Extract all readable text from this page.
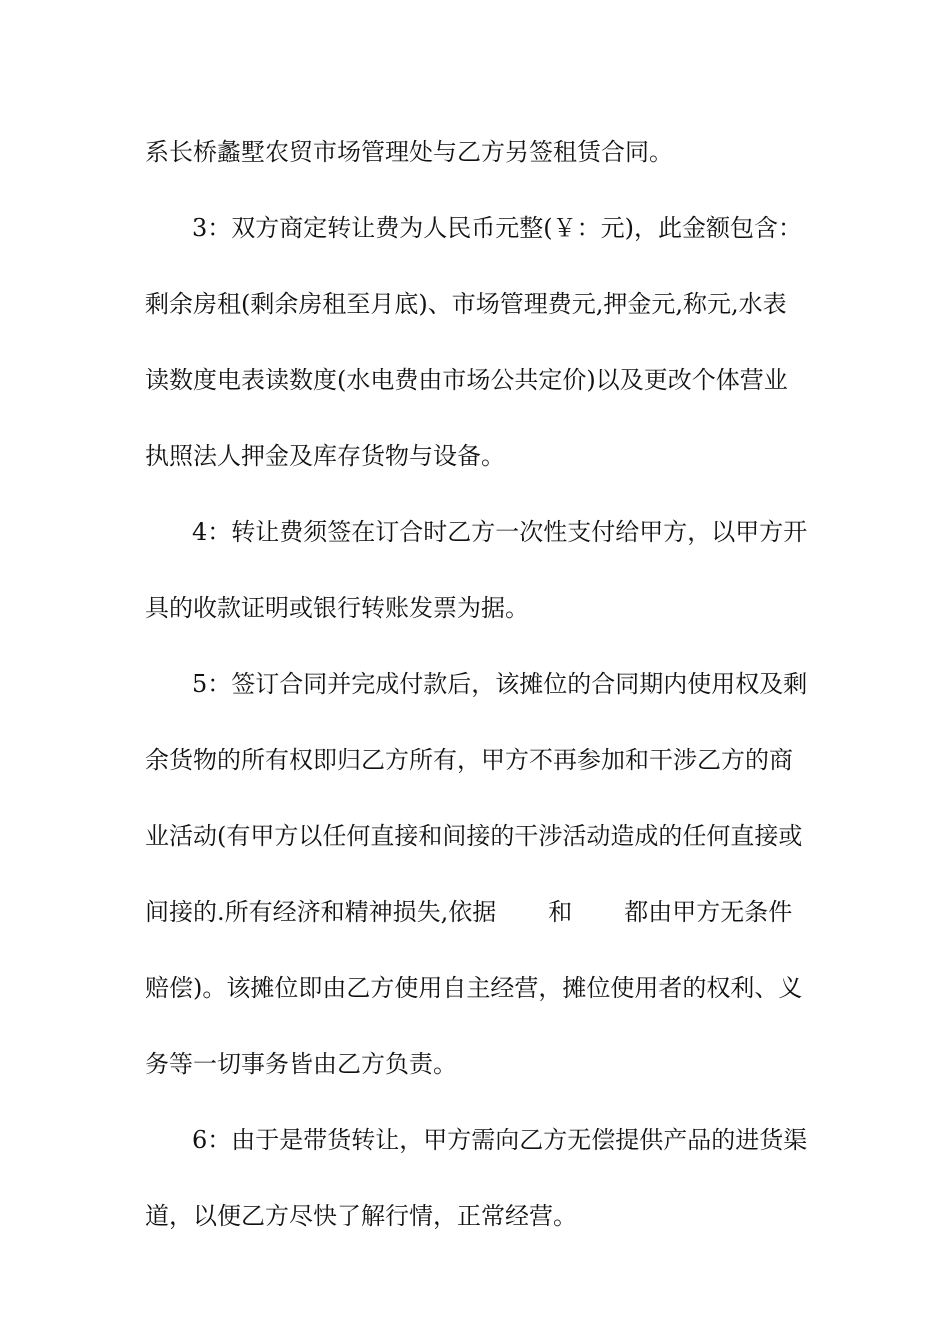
系长桥蠡墅农贸市场管理处与乙方另签租赁合同。
3：双方商定转让费为人民币元整(￥：元)，此金额包含：
剩余房租(剩余房租至月底)、市场管理费元,押金元,称元,水表
读数度电表读数度(水电费由市场公共定价)以及更改个体营业
执照法人押金及库存货物与设备。
4：转让费须签在订合时乙方一次性支付给甲方，以甲方开
具的收款证明或银行转账发票为据。
5：签订合同并完成付款后，该摊位的合同期内使用权及剩
余货物的所有权即归乙方所有，甲方不再参加和干涉乙方的商
业活动(有甲方以任何直接和间接的干涉活动造成的任何直接或
间接的.所有经济和精神损失,依据 和 都由甲方无条件
赔偿)。该摊位即由乙方使用自主经营，摊位使用者的权利、义
务等一切事务皆由乙方负责。
6：由于是带货转让，甲方需向乙方无偿提供产品的进货渠
道，以便乙方尽快了解行情，正常经营。
